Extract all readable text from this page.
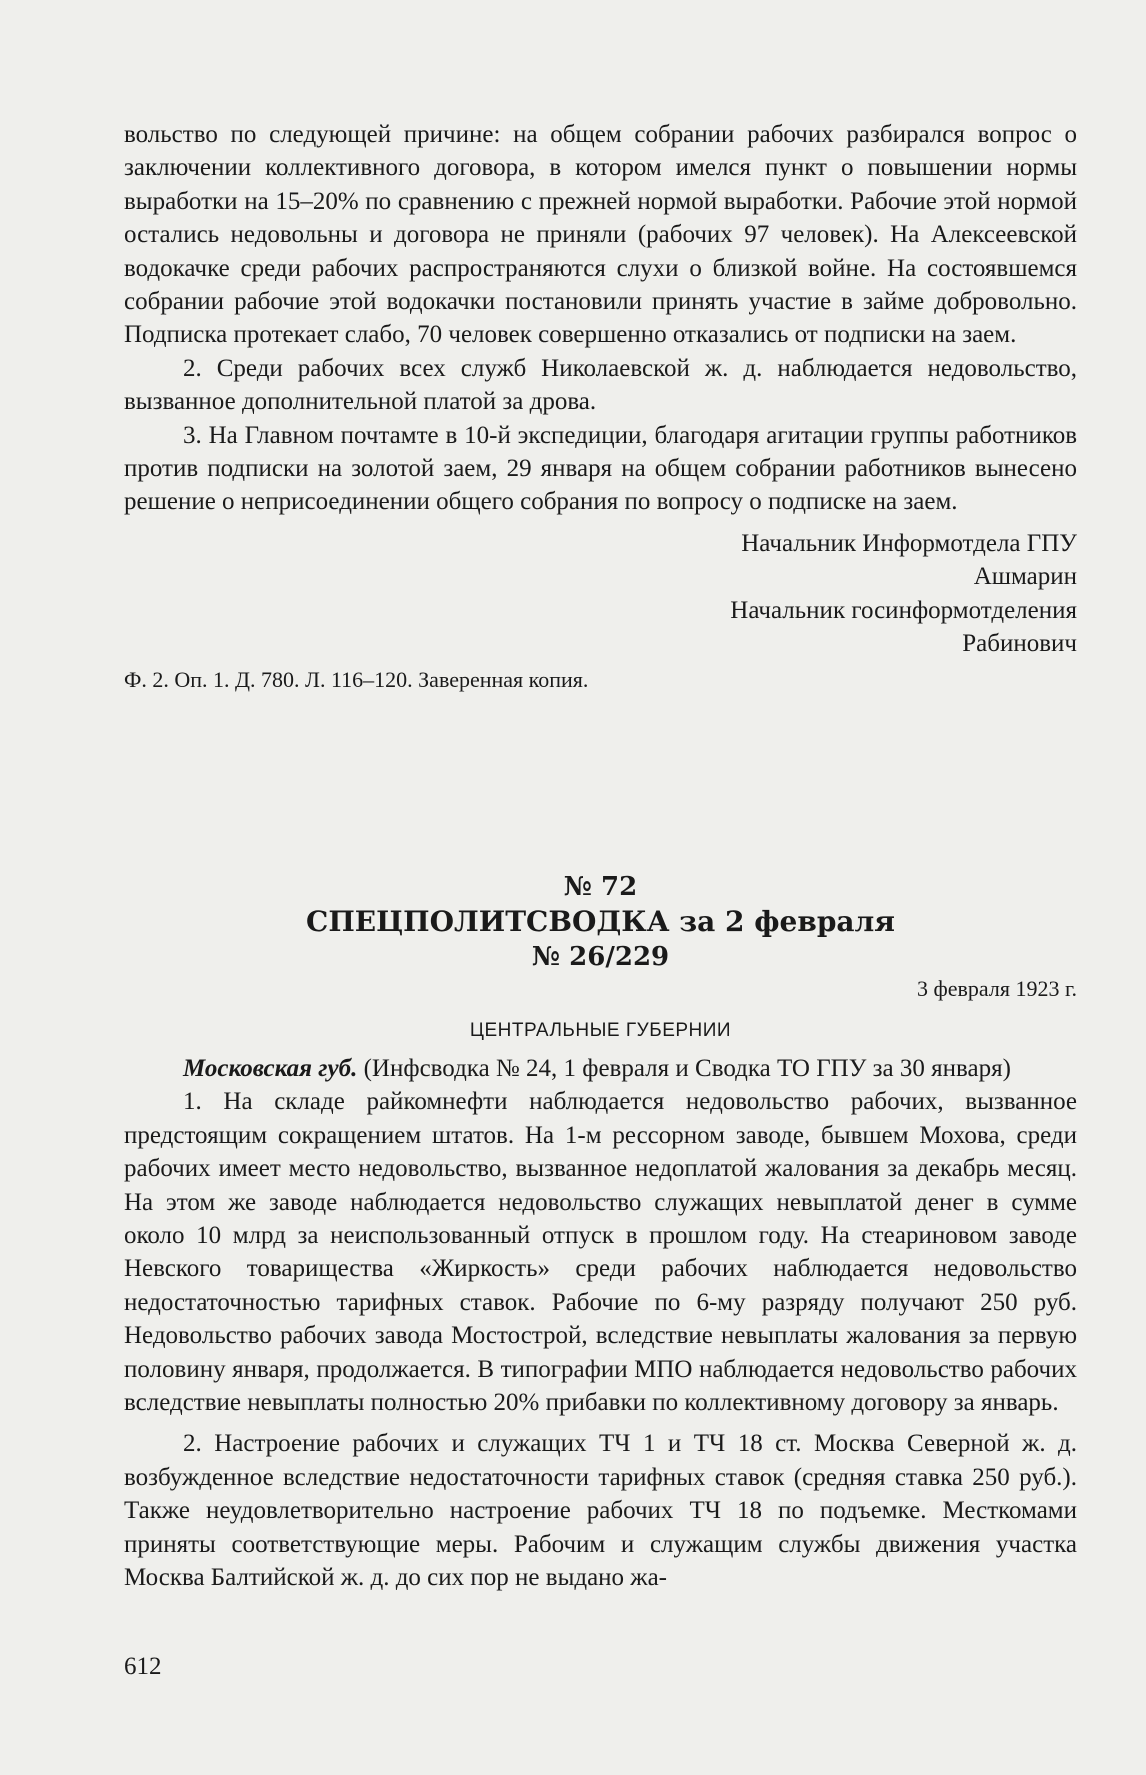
вольство по следующей причине: на общем собрании рабочих разбирался вопрос о заключении коллективного договора, в котором имелся пункт о повышении нормы выработки на 15–20% по сравнению с прежней нормой выработки. Рабочие этой нормой остались недовольны и договора не приняли (рабочих 97 человек). На Алексеевской водокачке среди рабочих распространяются слухи о близкой войне. На состоявшемся собрании рабочие этой водокачки постановили принять участие в займе добровольно. Подписка протекает слабо, 70 человек совершенно отказались от подписки на заем.

2. Среди рабочих всех служб Николаевской ж. д. наблюдается недовольство, вызванное дополнительной платой за дрова.

3. На Главном почтамте в 10-й экспедиции, благодаря агитации группы работников против подписки на золотой заем, 29 января на общем собрании работников вынесено решение о неприсоединении общего собрания по вопросу о подписке на заем.

Начальник Информотдела ГПУ

Ашмарин

Начальник госинформотделения

Рабинович

Ф. 2. Оп. 1. Д. 780. Л. 116–120. Заверенная копия.

№ 72

СПЕЦПОЛИТСВОДКА за 2 февраля

№ 26/229

3 февраля 1923 г.

ЦЕНТРАЛЬНЫЕ ГУБЕРНИИ

Московская губ. (Инфсводка № 24, 1 февраля и Сводка ТО ГПУ за 30 января)

1. На складе райкомнефти наблюдается недовольство рабочих, вызванное предстоящим сокращением штатов. На 1-м рессорном заводе, бывшем Мохова, среди рабочих имеет место недовольство, вызванное недоплатой жалования за декабрь месяц. На этом же заводе наблюдается недовольство служащих невыплатой денег в сумме около 10 млрд за неиспользованный отпуск в прошлом году. На стеариновом заводе Невского товарищества «Жиркость» среди рабочих наблюдается недовольство недостаточностью тарифных ставок. Рабочие по 6-му разряду получают 250 руб. Недовольство рабочих завода Мостострой, вследствие невыплаты жалования за первую половину января, продолжается. В типографии МПО наблюдается недовольство рабочих вследствие невыплаты полностью 20% прибавки по коллективному договору за январь.

2. Настроение рабочих и служащих ТЧ 1 и ТЧ 18 ст. Москва Северной ж. д. возбужденное вследствие недостаточности тарифных ставок (средняя ставка 250 руб.). Также неудовлетворительно настроение рабочих ТЧ 18 по подъемке. Месткомами приняты соответствующие меры. Рабочим и служащим службы движения участка Москва Балтийской ж. д. до сих пор не выдано жа-

612
